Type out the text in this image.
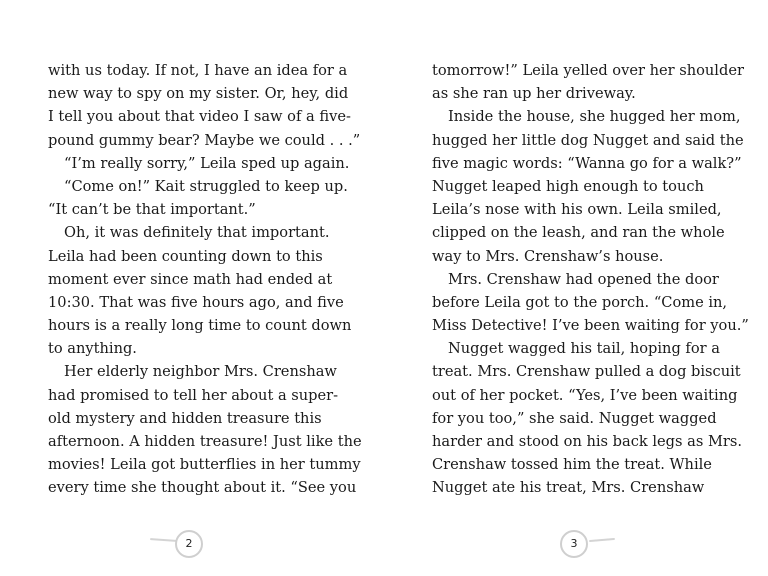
with us today. If not, I have an idea for a
new way to spy on my sister. Or, hey, did
I tell you about that video I saw of a five-
pound gummy bear? Maybe we could . . .”
“I’m really sorry,” Leila sped up again.
“Come on!” Kait struggled to keep up.
“It can’t be that important.”
Oh, it was definitely that important.
Leila had been counting down to this
moment ever since math had ended at
10:30. That was five hours ago, and five
hours is a really long time to count down
to anything.
Her elderly neighbor Mrs. Crenshaw
had promised to tell her about a super-
old mystery and hidden treasure this
afternoon. A hidden treasure! Just like the
movies! Leila got butterflies in her tummy
every time she thought about it. “See you
tomorrow!” Leila yelled over her shoulder
as she ran up her driveway.
Inside the house, she hugged her mom,
hugged her little dog Nugget and said the
five magic words: “Wanna go for a walk?”
Nugget leaped high enough to touch
Leila’s nose with his own. Leila smiled,
clipped on the leash, and ran the whole
way to Mrs. Crenshaw’s house.
Mrs. Crenshaw had opened the door
before Leila got to the porch. “Come in,
Miss Detective! I’ve been waiting for you.”
Nugget wagged his tail, hoping for a
treat. Mrs. Crenshaw pulled a dog biscuit
out of her pocket. “Yes, I’ve been waiting
for you too,” she said. Nugget wagged
harder and stood on his back legs as Mrs.
Crenshaw tossed him the treat. While
Nugget ate his treat, Mrs. Crenshaw
2	3
